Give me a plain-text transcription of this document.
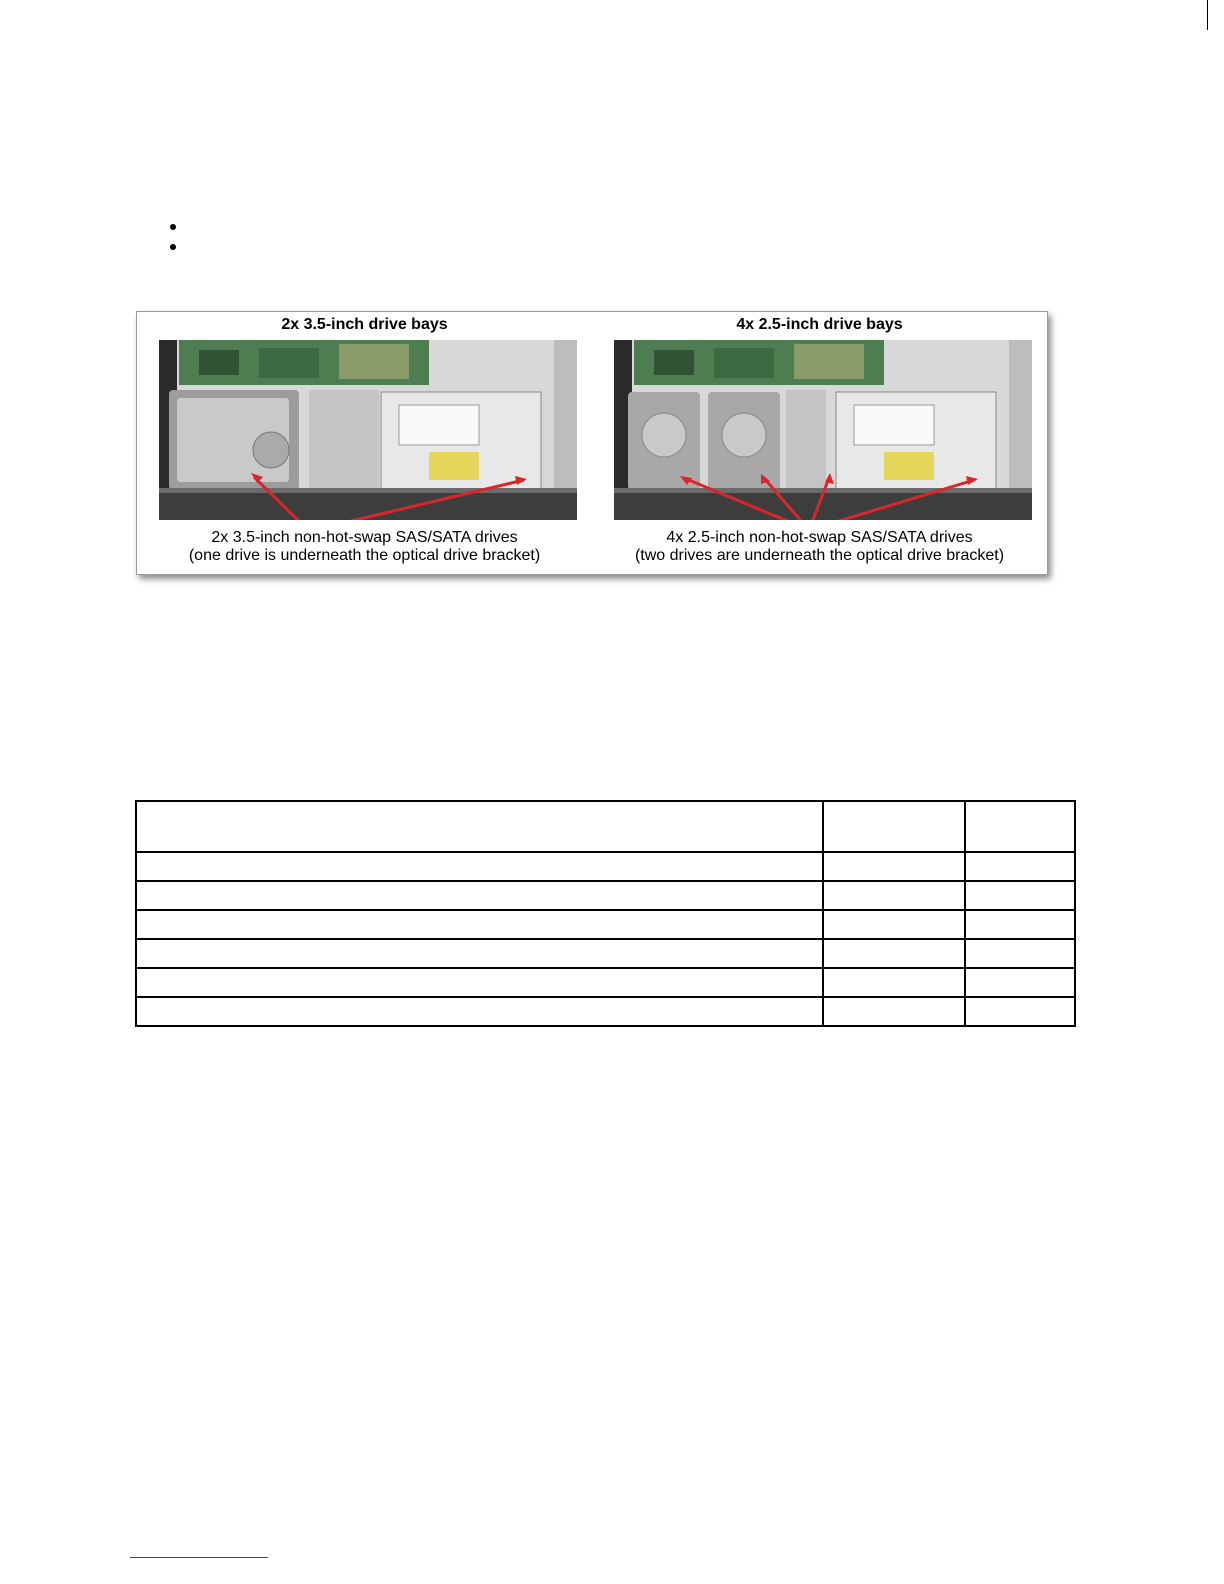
2x 3.5-inch drive bays
2x 3.5-inch non-hot-swap SAS/SATA drives
(one drive is underneath the optical drive bracket)
4x 2.5-inch drive bays
4x 2.5-inch non-hot-swap SAS/SATA drives
(two drives are underneath the optical drive bracket)
